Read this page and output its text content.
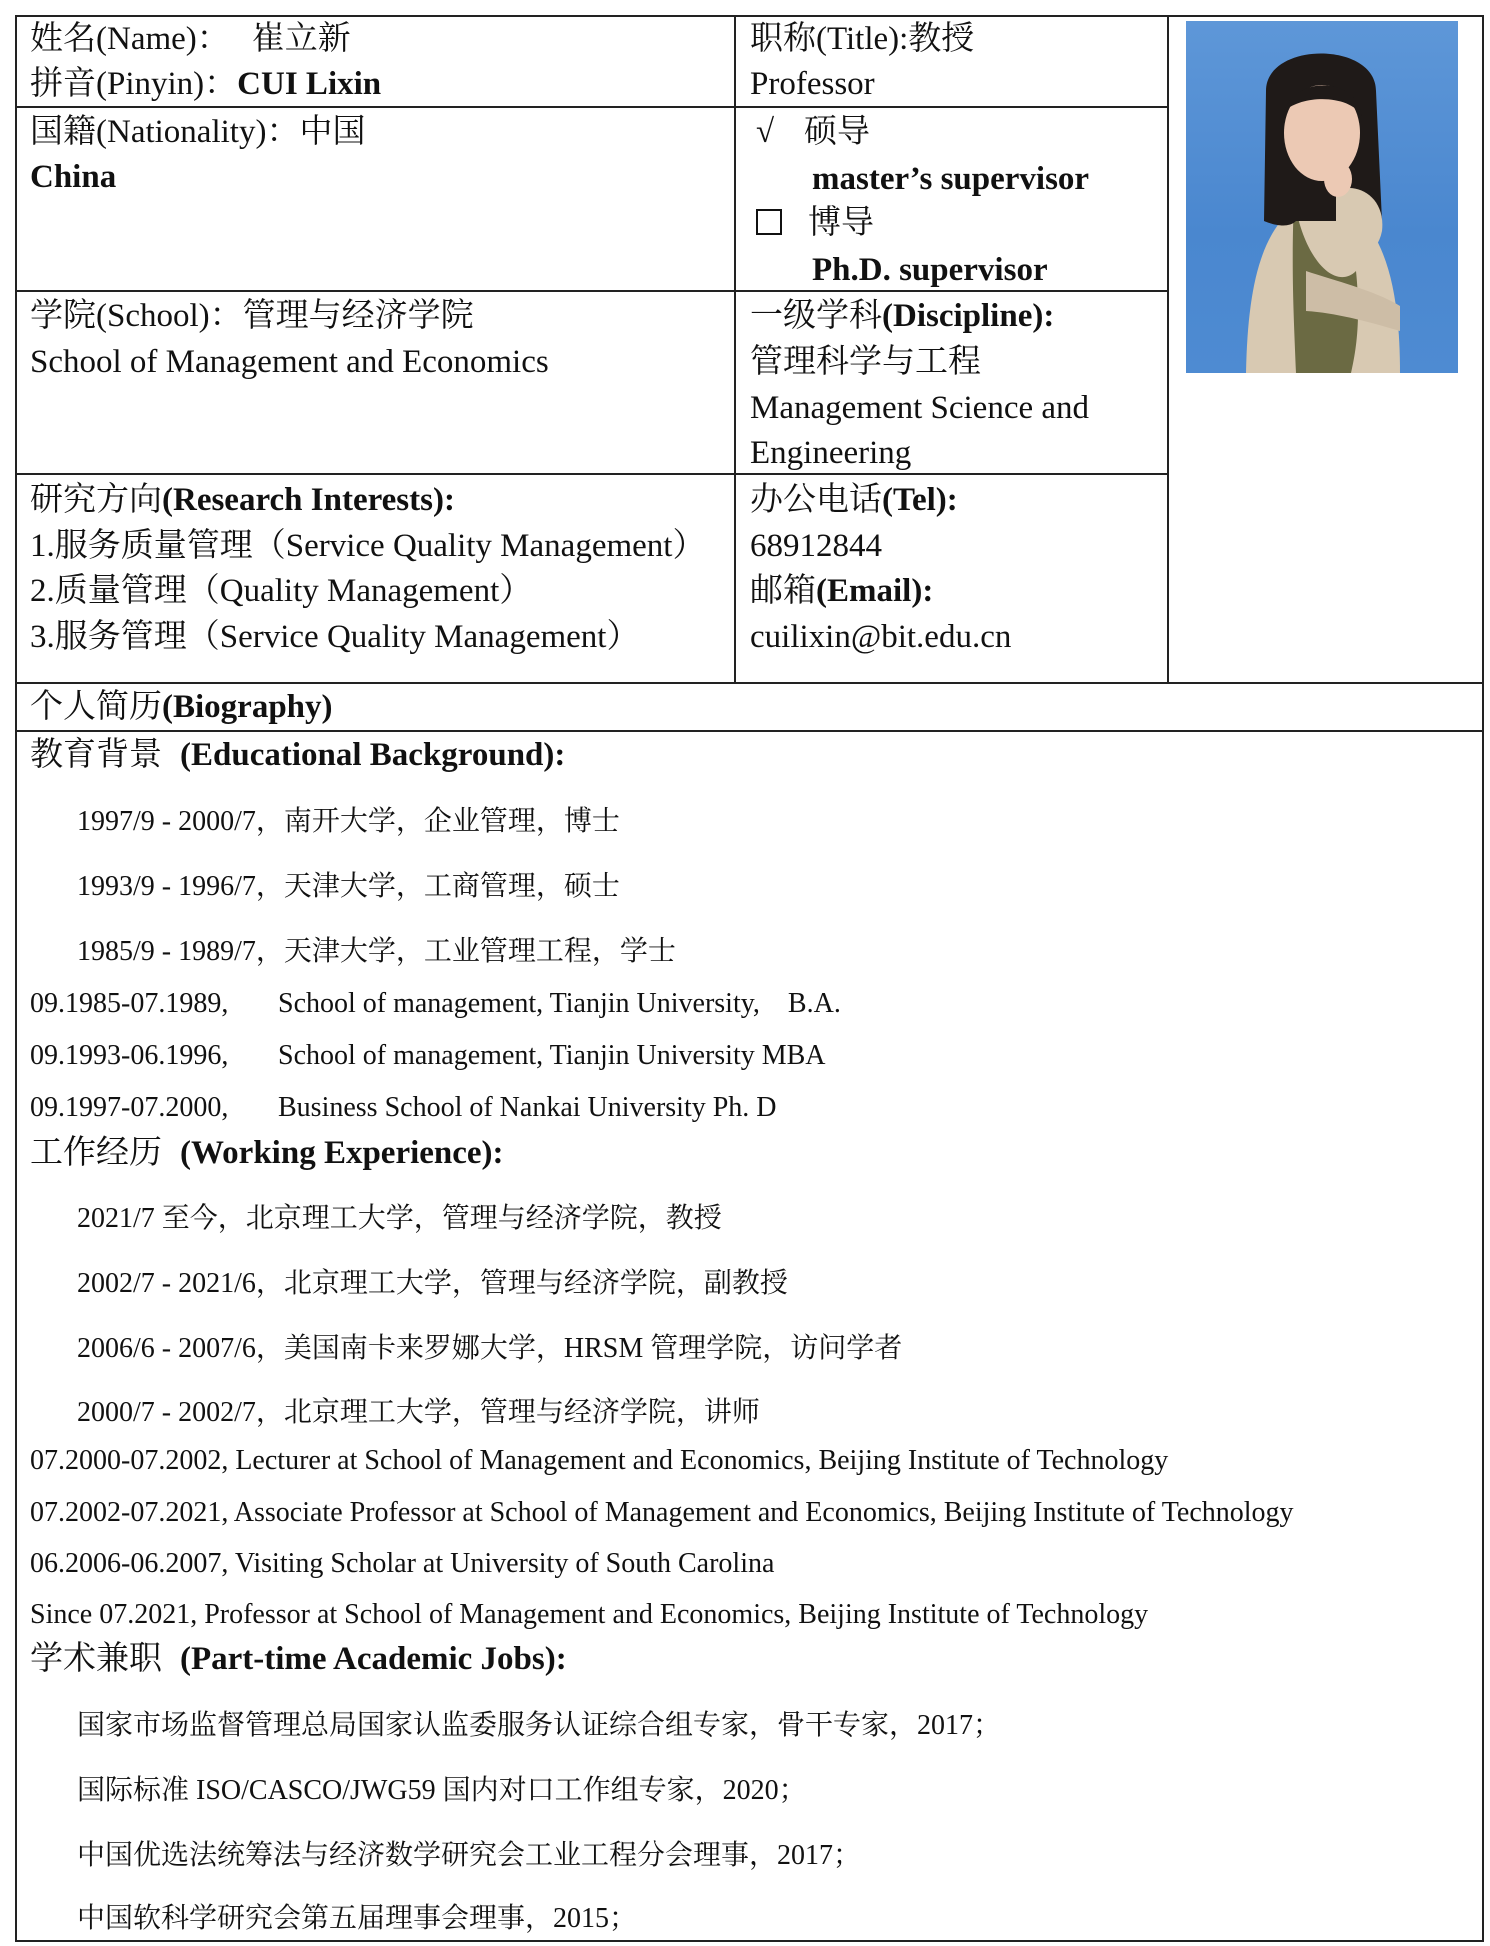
姓名(Name)： 崔立新
拼音(Pinyin)：CUI Lixin
职称(Title):教授
Professor
国籍(Nationality)：中国
China
√ 硕导
master’s supervisor
博导
Ph.D. supervisor
学院(School)：管理与经济学院
School of Management and Economics
一级学科(Discipline):
管理科学与工程
Management Science and
Engineering
研究方向(Research Interests):
1.服务质量管理（Service Quality Management）
2.质量管理（Quality Management）
3.服务管理（Service Quality Management）
办公电话(Tel):
68912844
邮箱(Email):
cuilixin@bit.edu.cn
个人简历(Biography)
教育背景 (Educational Background):
1997/9 - 2000/7，南开大学，企业管理，博士
1993/9 - 1996/7，天津大学，工商管理，硕士
1985/9 - 1989/7，天津大学，工业管理工程，学士
09.1985-07.1989, School of management, Tianjin University,    B.A.
09.1993-06.1996, School of management, Tianjin University MBA
09.1997-07.2000, Business School of Nankai University Ph. D
工作经历 (Working Experience):
2021/7 至今，北京理工大学，管理与经济学院，教授
2002/7 - 2021/6，北京理工大学，管理与经济学院，副教授
2006/6 - 2007/6，美国南卡来罗娜大学，HRSM 管理学院，访问学者
2000/7 - 2002/7，北京理工大学，管理与经济学院，讲师
07.2000-07.2002, Lecturer at School of Management and Economics, Beijing Institute of Technology
07.2002-07.2021, Associate Professor at School of Management and Economics, Beijing Institute of Technology
06.2006-06.2007, Visiting Scholar at University of South Carolina
Since 07.2021, Professor at School of Management and Economics, Beijing Institute of Technology
学术兼职 (Part-time Academic Jobs):
国家市场监督管理总局国家认监委服务认证综合组专家，骨干专家，2017；
国际标准 ISO/CASCO/JWG59 国内对口工作组专家，2020；
中国优选法统筹法与经济数学研究会工业工程分会理事，2017；
中国软科学研究会第五届理事会理事，2015；
